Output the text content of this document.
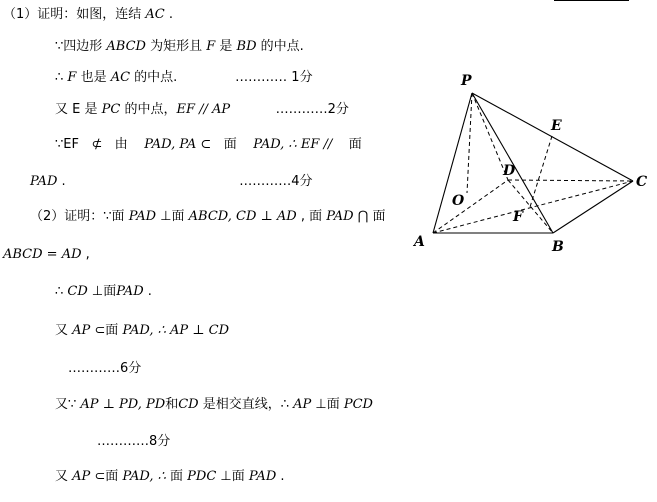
（1）证明：如图，连结 AC .
∵四边形 ABCD 为矩形且 F 是 BD 的中点.
∴ F 也是 AC 的中点.              ………… 1分
又 E 是 PC 的中点，EF // AP           …………2分
∵EF   ⊄   由    PAD, PA ⊂   面    PAD, ∴ EF //    面
PAD .                                          …………4分
（2）证明：∵面 PAD ⊥面 ABCD, CD ⊥ AD , 面 PAD ⋂ 面
ABCD = AD ,
∴ CD ⊥面PAD .
又 AP ⊂面 PAD, ∴ AP ⊥ CD
…………6分
又∵ AP ⊥ PD, PD和CD 是相交直线，∴ AP ⊥面 PCD
…………8分
又 AP ⊂面 PAD, ∴ 面 PDC ⊥面 PAD .
P
E
D
O
F
C
A	B
